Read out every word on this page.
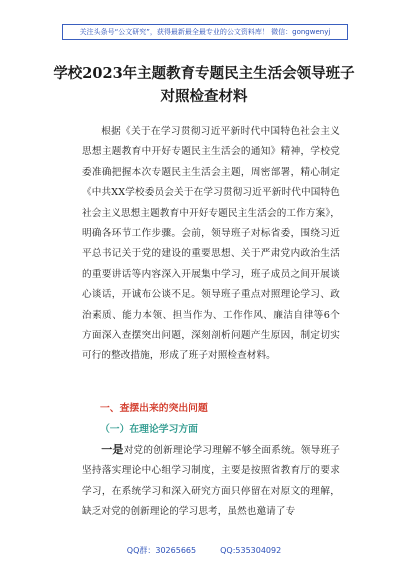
关注头条号“公文研究”，获得最新最全最专业的公文资料库！ 微信：gongwenyj
学校2023年主题教育专题民主生活会领导班子对照检查材料

根据《关于在学习贯彻习近平新时代中国特色社会主义思想主题教育中开好专题民主生活会的通知》精神，学校党委准确把握本次专题民主生活会主题，周密部署，精心制定《中共XX学校委员会关于在学习贯彻习近平新时代中国特色社会主义思想主题教育中开好专题民主生活会的工作方案》，明确各环节工作步骤。会前，领导班子对标省委，围绕习近平总书记关于党的建设的重要思想、关于严肃党内政治生活的重要讲话等内容深入开展集中学习，班子成员之间开展谈心谈话，开诚布公谈不足。领导班子重点对照理论学习、政治素质、能力本领、担当作为、工作作风、廉洁自律等6个方面深入查摆突出问题，深刻剖析问题产生原因，制定切实可行的整改措施，形成了班子对照检查材料。

一、查摆出来的突出问题
（一）在理论学习方面

一是对党的创新理论学习理解不够全面系统。领导班子坚持落实理论中心组学习制度，主要是按照省教育厅的要求学习，在系统学习和深入研究方面只停留在对原文的理解，缺乏对党的创新理论的学习思考，虽然也邀请了专

QQ群：30265665	QQ:535304092
